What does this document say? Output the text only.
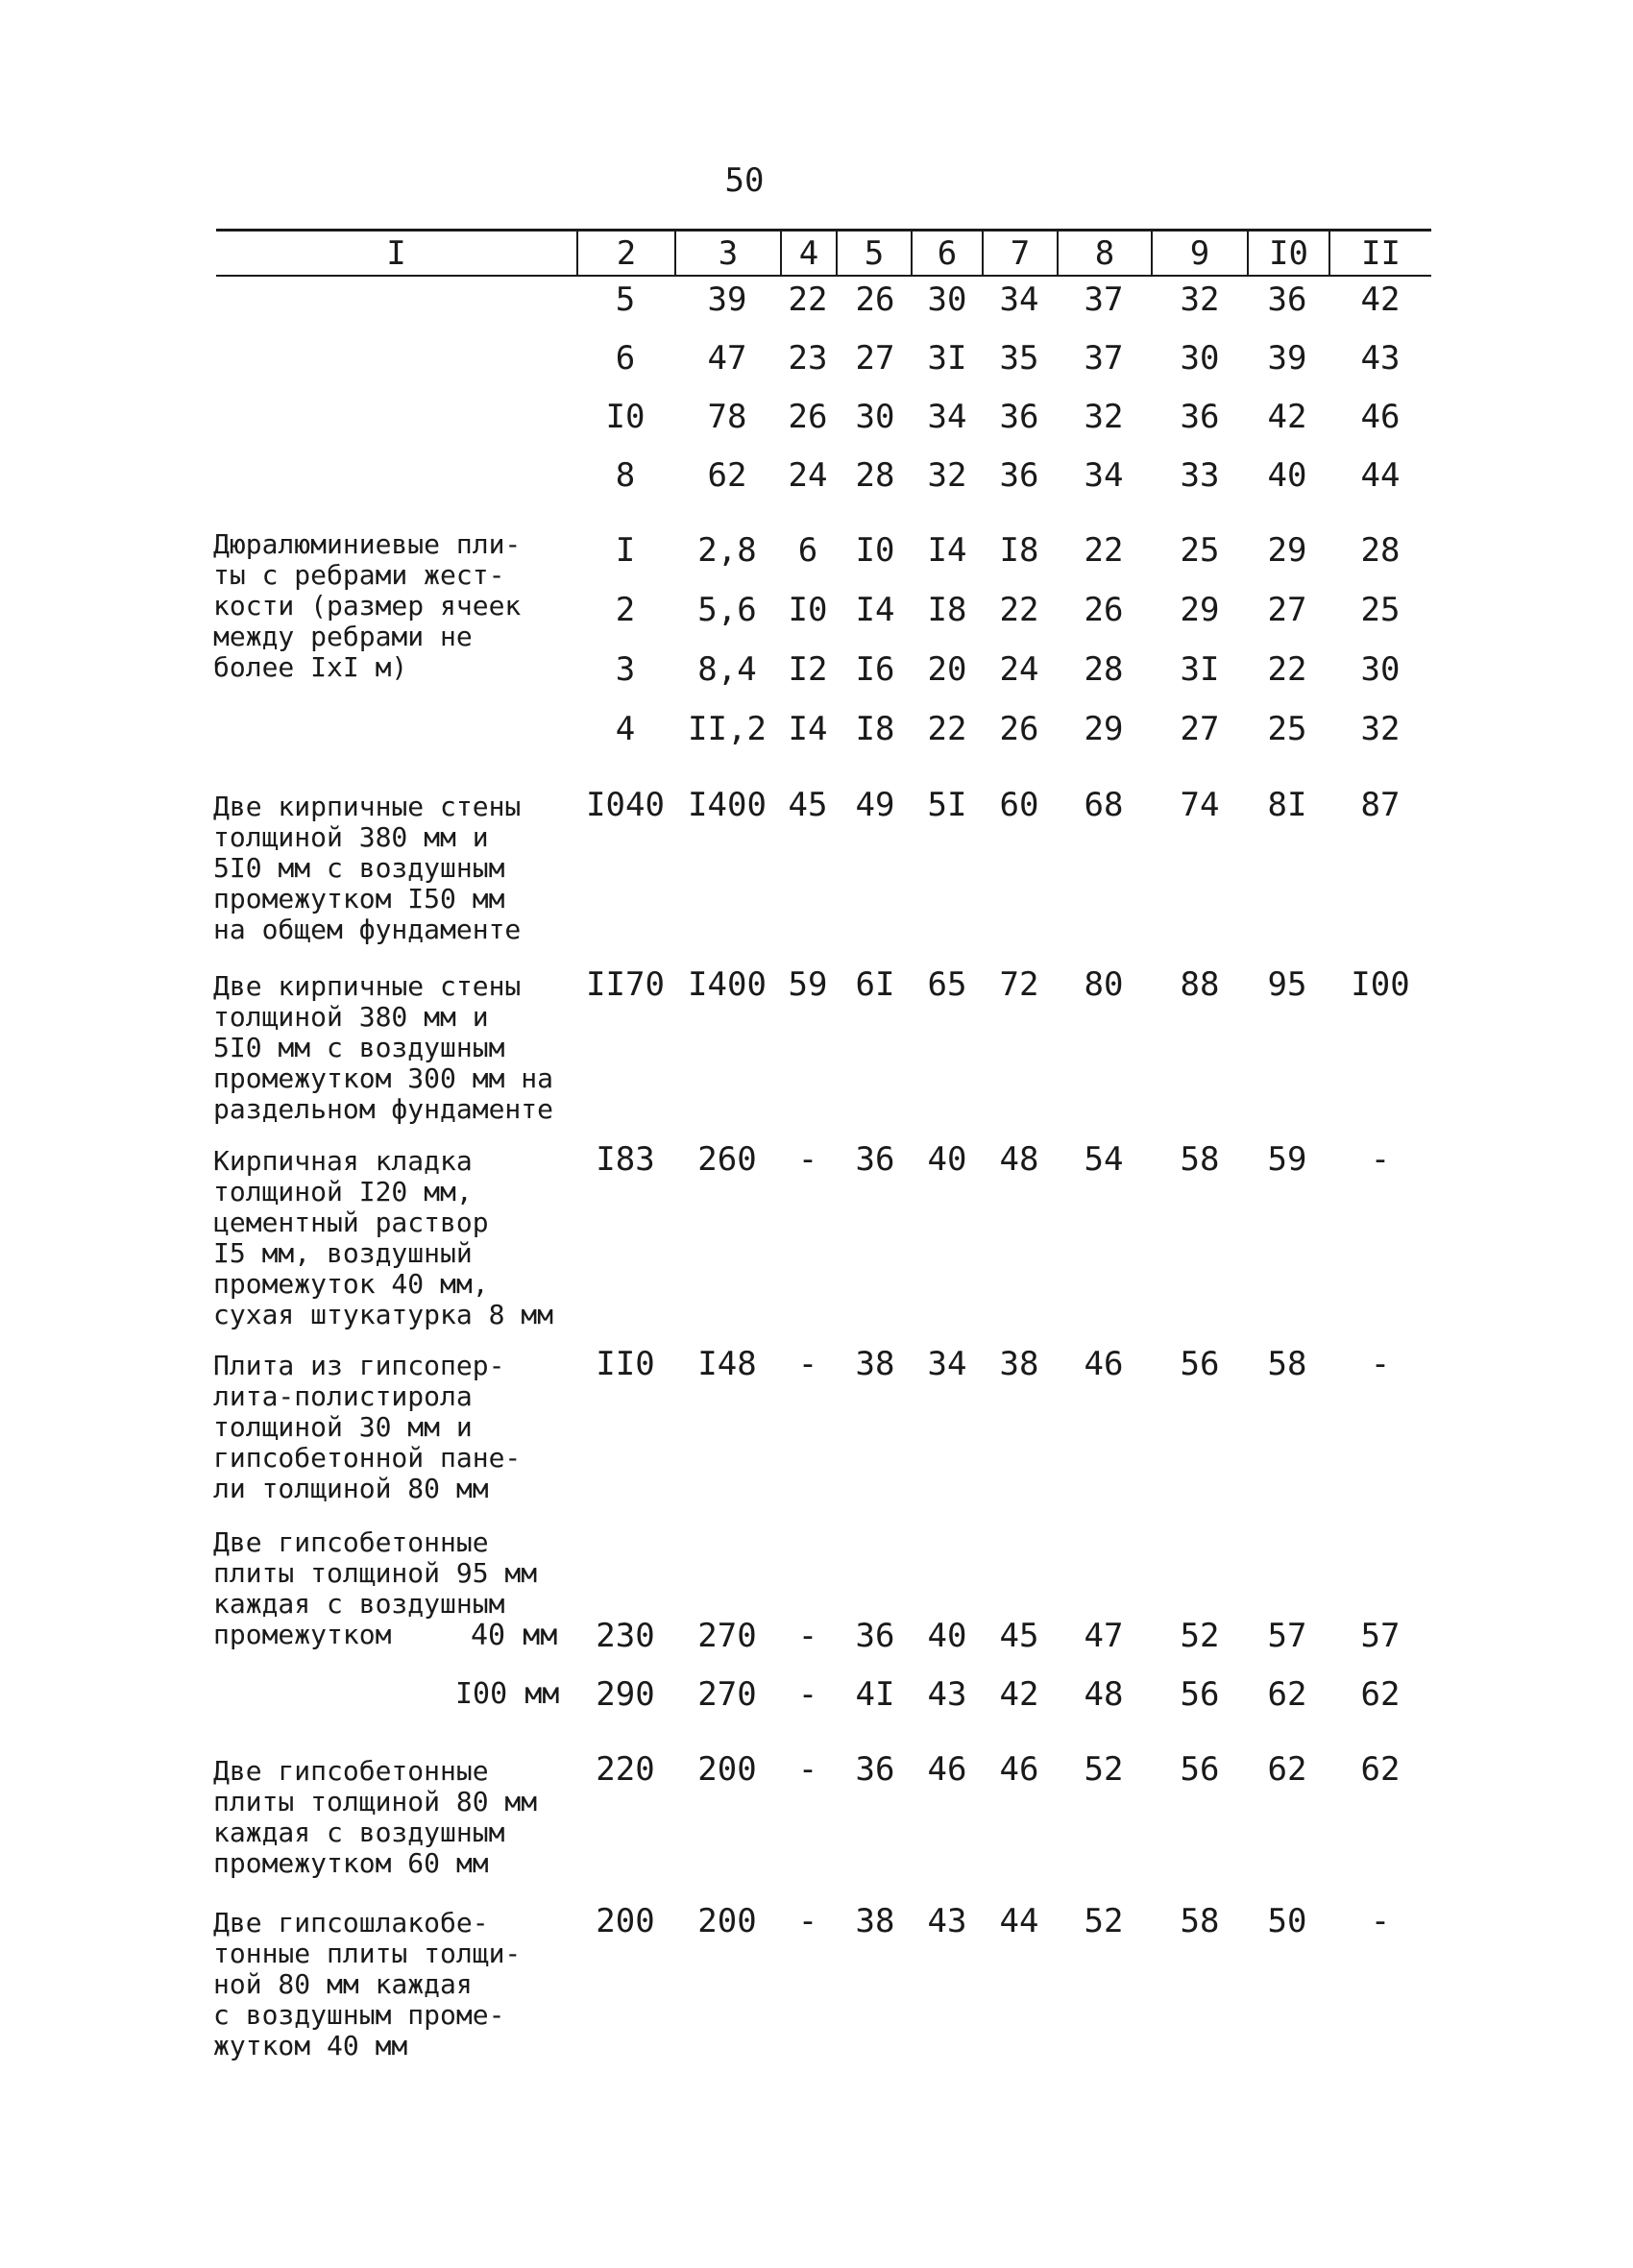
50
I	2	3	4	5	6	7	8	9	I0	II
5	39	22 26	30	34	37	32	36	42
6	47	23 27	3I	35	37	30	39	43
I0	78	26 30	34	36	32	36	42	46
8	62	24 28	32	36	34	33	40	44
Дюралюминиевые пли-
ты с ребрами жест-
кости (размер ячеек
между ребрами не
более IxI м)
I	2,8	6	I0	I4	I8	22	25	29	28
2	5,6 I0 I4	I8	22	26	29	27	25
3	8,4 I2 I6	20	24	28	3I	22	30
4	II,2 I4 I8	22	26	29	27	25	32
Две кирпичные стены
толщиной 380 мм и
5I0 мм с воздушным
промежутком I50 мм
на общем фундаменте
I040 I400 45 49	5I	60	68	74	8I	87
Две кирпичные стены
толщиной 380 мм и
5I0 мм с воздушным
промежутком 300 мм на
раздельном фундаменте
II70 I400 59 6I	65	72	80	88	95	I00
Кирпичная кладка
толщиной I20 мм,
цементный раствор
I5 мм, воздушный
промежуток 40 мм,
сухая штукатурка 8 мм
I83	260	-	36	40	48	54	58	59	-
Плита из гипсопер-
лита-полистирола
толщиной 30 мм и
гипсобетонной пане-
ли толщиной 80 мм
II0	I48	-	38	34	38	46	56	58	-
Две гипсобетонные
плиты толщиной 95 мм
каждая с воздушным
промежутком	40 мм	230	270	-	36	40	45	47	52	57	57
I00 мм	290	270	-	4I	43	42	48	56	62	62
Две гипсобетонные
плиты толщиной 80 мм
каждая с воздушным
промежутком 60 мм
220	200	-	36	46	46	52	56	62	62
Две гипсошлакобе-
тонные плиты толщи-
ной 80 мм каждая
с воздушным проме-
жутком 40 мм
200	200	-	38	43	44	52	58	50	-
